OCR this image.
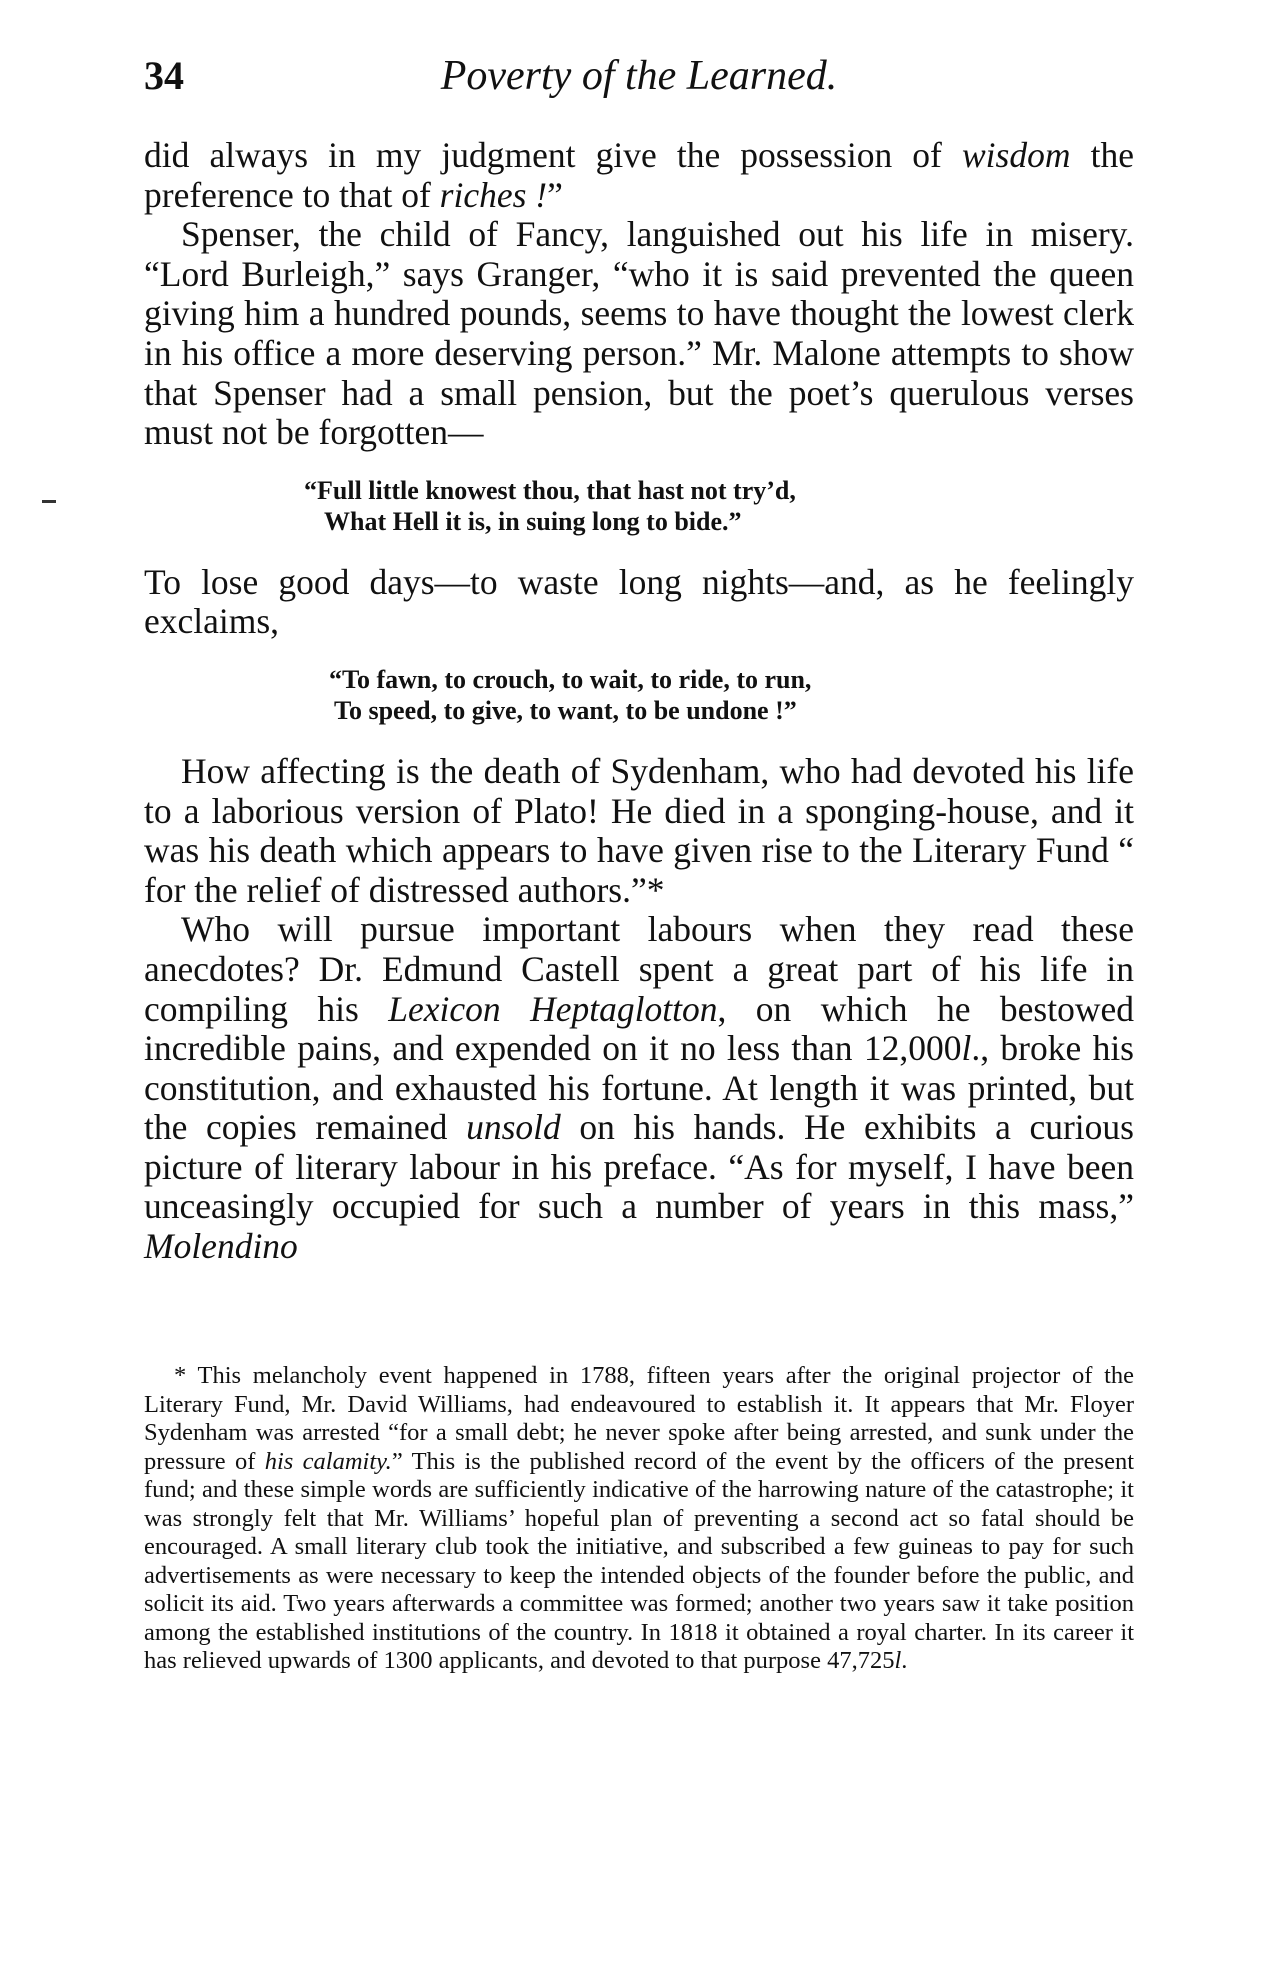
34	Poverty of the Learned.

did always in my judgment give the possession of wisdom the preference to that of riches !”

Spenser, the child of Fancy, languished out his life in misery. “Lord Burleigh,” says Granger, “who it is said prevented the queen giving him a hundred pounds, seems to have thought the lowest clerk in his office a more deserving person.” Mr. Malone attempts to show that Spenser had a small pension, but the poet’s querulous verses must not be forgotten—

“Full little knowest thou, that hast not try’d,
What Hell it is, in suing long to bide.”

To lose good days—to waste long nights—and, as he feelingly exclaims,

“To fawn, to crouch, to wait, to ride, to run,
To speed, to give, to want, to be undone !”

How affecting is the death of Sydenham, who had devoted his life to a laborious version of Plato! He died in a sponging-house, and it was his death which appears to have given rise to the Literary Fund “ for the relief of distressed authors.”*

Who will pursue important labours when they read these anecdotes? Dr. Edmund Castell spent a great part of his life in compiling his Lexicon Heptaglotton, on which he bestowed incredible pains, and expended on it no less than 12,000l., broke his constitution, and exhausted his fortune. At length it was printed, but the copies remained unsold on his hands. He exhibits a curious picture of literary labour in his preface. “As for myself, I have been unceasingly occupied for such a number of years in this mass,” Molendino

* This melancholy event happened in 1788, fifteen years after the original projector of the Literary Fund, Mr. David Williams, had endeavoured to establish it. It appears that Mr. Floyer Sydenham was arrested “for a small debt; he never spoke after being arrested, and sunk under the pressure of his calamity.” This is the published record of the event by the officers of the present fund; and these simple words are sufficiently indicative of the harrowing nature of the catastrophe; it was strongly felt that Mr. Williams’ hopeful plan of preventing a second act so fatal should be encouraged. A small literary club took the initiative, and subscribed a few guineas to pay for such advertisements as were necessary to keep the intended objects of the founder before the public, and solicit its aid. Two years afterwards a committee was formed; another two years saw it take position among the established institutions of the country. In 1818 it obtained a royal charter. In its career it has relieved upwards of 1300 applicants, and devoted to that purpose 47,725l.
